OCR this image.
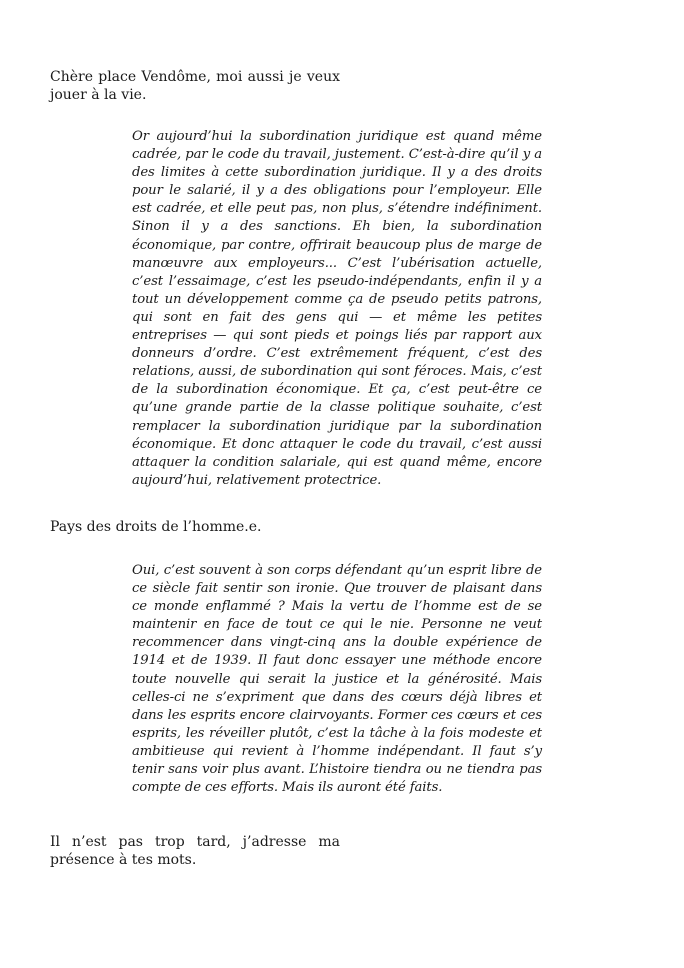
Chère place Vendôme, moi aussi je veux jouer à la vie.

Or aujourd’hui la subordination juridique est quand même cadrée, par le code du travail, justement. C’est-à-dire qu’il y a des limites à cette subordination juridique. Il y a des droits pour le salarié, il y a des obligations pour l’employeur. Elle est cadrée, et elle peut pas, non plus, s’étendre indéfiniment. Sinon il y a des sanctions. Eh bien, la subordination économique, par contre, offrirait beaucoup plus de marge de manœuvre aux employeurs... C’est l’ubérisation actuelle, c’est l’essaimage, c’est les pseudo-indépendants, enfin il y a tout un développement comme ça de pseudo petits patrons, qui sont en fait des gens qui — et même les petites entreprises — qui sont pieds et poings liés par rapport aux donneurs d’ordre. C’est extrêmement fréquent, c’est des relations, aussi, de subordination qui sont féroces. Mais, c’est de la subordination économique. Et ça, c’est peut-être ce qu’une grande partie de la classe politique souhaite, c’est remplacer la subordination juridique par la subordination économique. Et donc attaquer le code du travail, c’est aussi attaquer la condition salariale, qui est quand même, encore aujourd’hui, relativement protectrice.

Pays des droits de l’homme.e.

Oui, c’est souvent à son corps défendant qu’un esprit libre de ce siècle fait sentir son ironie. Que trouver de plaisant dans ce monde enflammé ? Mais la vertu de l’homme est de se maintenir en face de tout ce qui le nie. Personne ne veut recommencer dans vingt-cinq ans la double expérience de 1914 et de 1939. Il faut donc essayer une méthode encore toute nouvelle qui serait la justice et la générosité. Mais celles-ci ne s’expriment que dans des cœurs déjà libres et dans les esprits encore clairvoyants. Former ces cœurs et ces esprits, les réveiller plutôt, c’est la tâche à la fois modeste et ambitieuse qui revient à l’homme indépendant. Il faut s’y tenir sans voir plus avant. L’histoire tiendra ou ne tiendra pas compte de ces efforts. Mais ils auront été faits.

Il n’est pas trop tard, j’adresse ma présence à tes mots.
